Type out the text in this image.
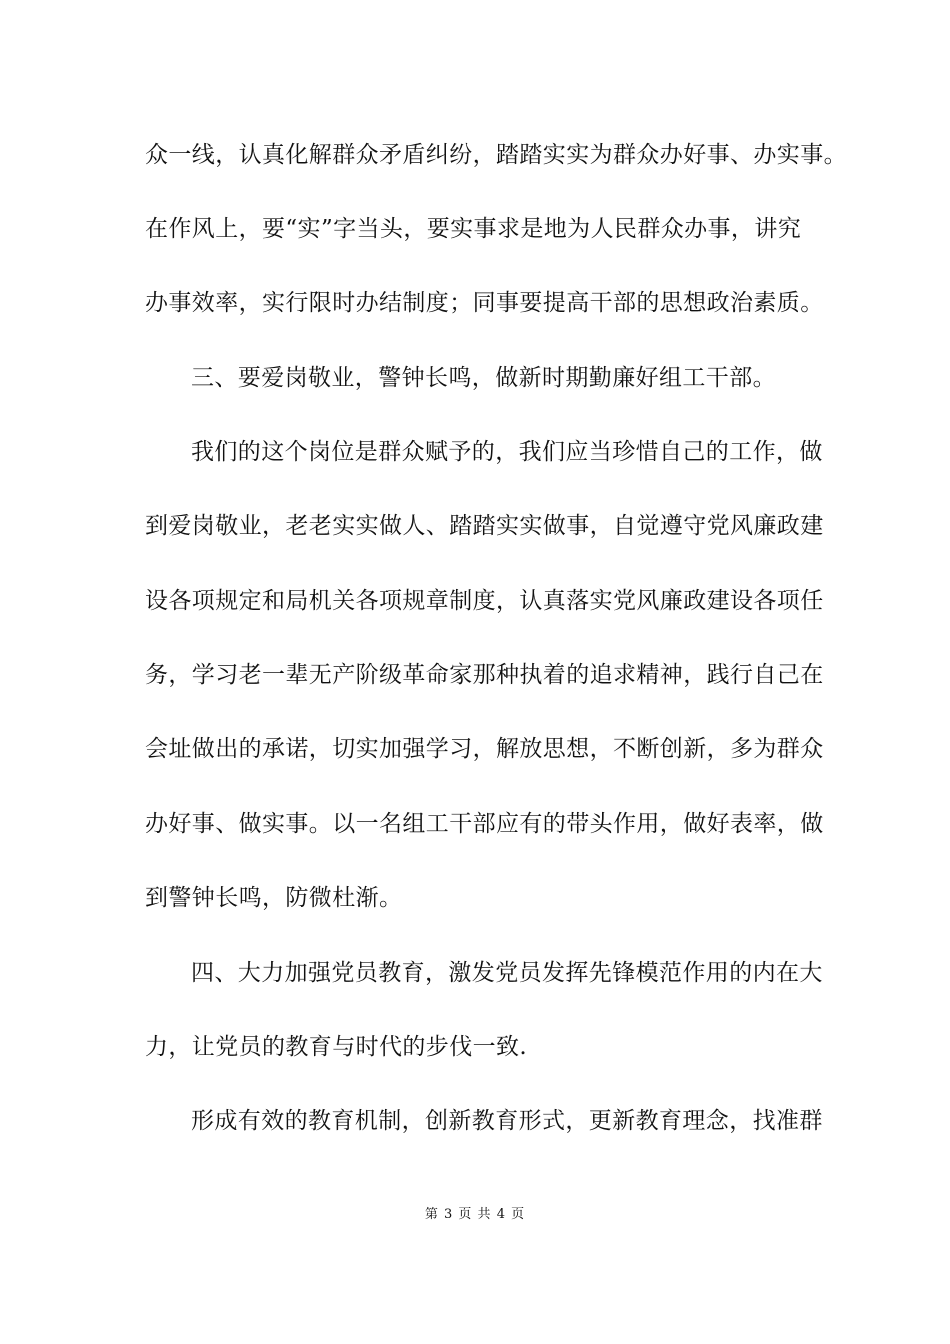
众一线，认真化解群众矛盾纠纷，踏踏实实为群众办好事、办实事。
在作风上，要“实”字当头，要实事求是地为人民群众办事，讲究
办事效率，实行限时办结制度；同事要提高干部的思想政治素质。
三、要爱岗敬业，警钟长鸣，做新时期勤廉好组工干部。
我们的这个岗位是群众赋予的，我们应当珍惜自己的工作，做
到爱岗敬业，老老实实做人、踏踏实实做事，自觉遵守党风廉政建
设各项规定和局机关各项规章制度，认真落实党风廉政建设各项任
务，学习老一辈无产阶级革命家那种执着的追求精神，践行自己在
会址做出的承诺，切实加强学习，解放思想，不断创新，多为群众
办好事、做实事。以一名组工干部应有的带头作用，做好表率，做
到警钟长鸣，防微杜渐。
四、大力加强党员教育，激发党员发挥先锋模范作用的内在大
力，让党员的教育与时代的步伐一致.
形成有效的教育机制，创新教育形式，更新教育理念，找准群
第 3 页 共 4 页
